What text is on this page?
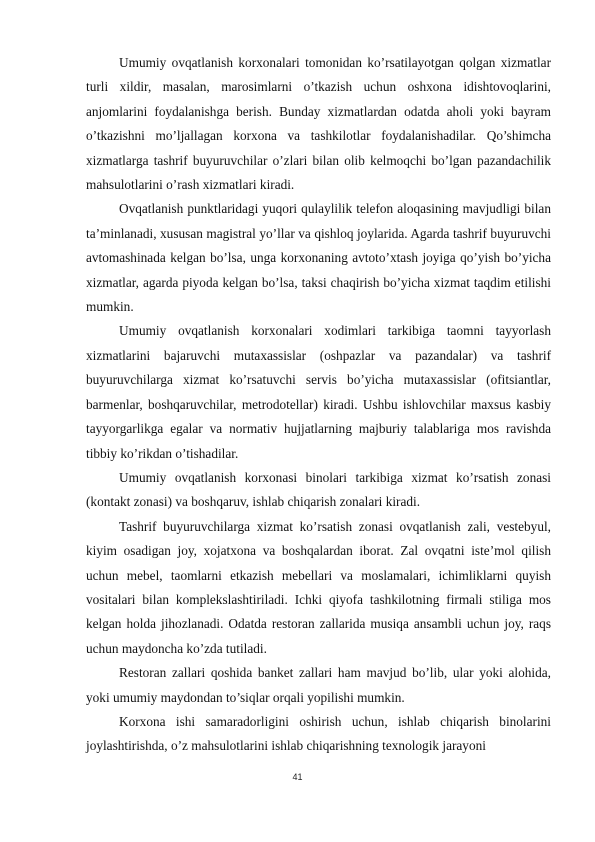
Umumiy ovqatlanish korxonalari tomonidan ko’rsatilayotgan qolgan xizmatlar turli xildir, masalan, marosimlarni o’tkazish uchun oshxona idishtovoqlarini, anjomlarini foydalanishga berish. Bunday xizmatlardan odatda aholi yoki bayram o’tkazishni mo’ljallagan korxona va tashkilotlar foydalanishadilar. Qo’shimcha xizmatlarga tashrif buyuruvchilar o’zlari bilan olib kelmoqchi bo’lgan pazandachilik mahsulotlarini o’rash xizmatlari kiradi.

Ovqatlanish punktlaridagi yuqori qulaylilik telefon aloqasining mavjudligi bilan ta’minlanadi, xususan magistral yo’llar va qishloq joylarida. Agarda tashrif buyuruvchi avtomashinada kelgan bo’lsa, unga korxonaning avtoto’xtash joyiga qo’yish bo’yicha xizmatlar, agarda piyoda kelgan bo’lsa, taksi chaqirish bo’yicha xizmat taqdim etilishi mumkin.

Umumiy ovqatlanish korxonalari xodimlari tarkibiga taomni tayyorlash xizmatlarini bajaruvchi mutaxassislar (oshpazlar va pazandalar) va tashrif buyuruvchilarga xizmat ko’rsatuvchi servis bo’yicha mutaxassislar (ofitsiantlar, barmenlar, boshqaruvchilar, metrodotellar) kiradi. Ushbu ishlovchilar maxsus kasbiy tayyorgarlikga egalar va normativ hujjatlarning majburiy talablariga mos ravishda tibbiy ko’rikdan o’tishadilar.

Umumiy ovqatlanish korxonasi binolari tarkibiga xizmat ko’rsatish zonasi (kontakt zonasi) va boshqaruv, ishlab chiqarish zonalari kiradi.

Tashrif buyuruvchilarga xizmat ko’rsatish zonasi ovqatlanish zali, vestebyul, kiyim osadigan joy, xojatxona va boshqalardan iborat. Zal ovqatni iste’mol qilish uchun mebel, taomlarni etkazish mebellari va moslamalari, ichimliklarni quyish vositalari bilan komplekslashtiriladi. Ichki qiyofa tashkilotning firmali stiliga mos kelgan holda jihozlanadi. Odatda restoran zallarida musiqa ansambli uchun joy, raqs uchun maydoncha ko’zda tutiladi.

Restoran zallari qoshida banket zallari ham mavjud bo’lib, ular yoki alohida, yoki umumiy maydondan to’siqlar orqali yopilishi mumkin.

Korxona ishi samaradorligini oshirish uchun, ishlab chiqarish binolarini joylashtirishda, o’z mahsulotlarini ishlab chiqarishning texnologik jarayoni

41
